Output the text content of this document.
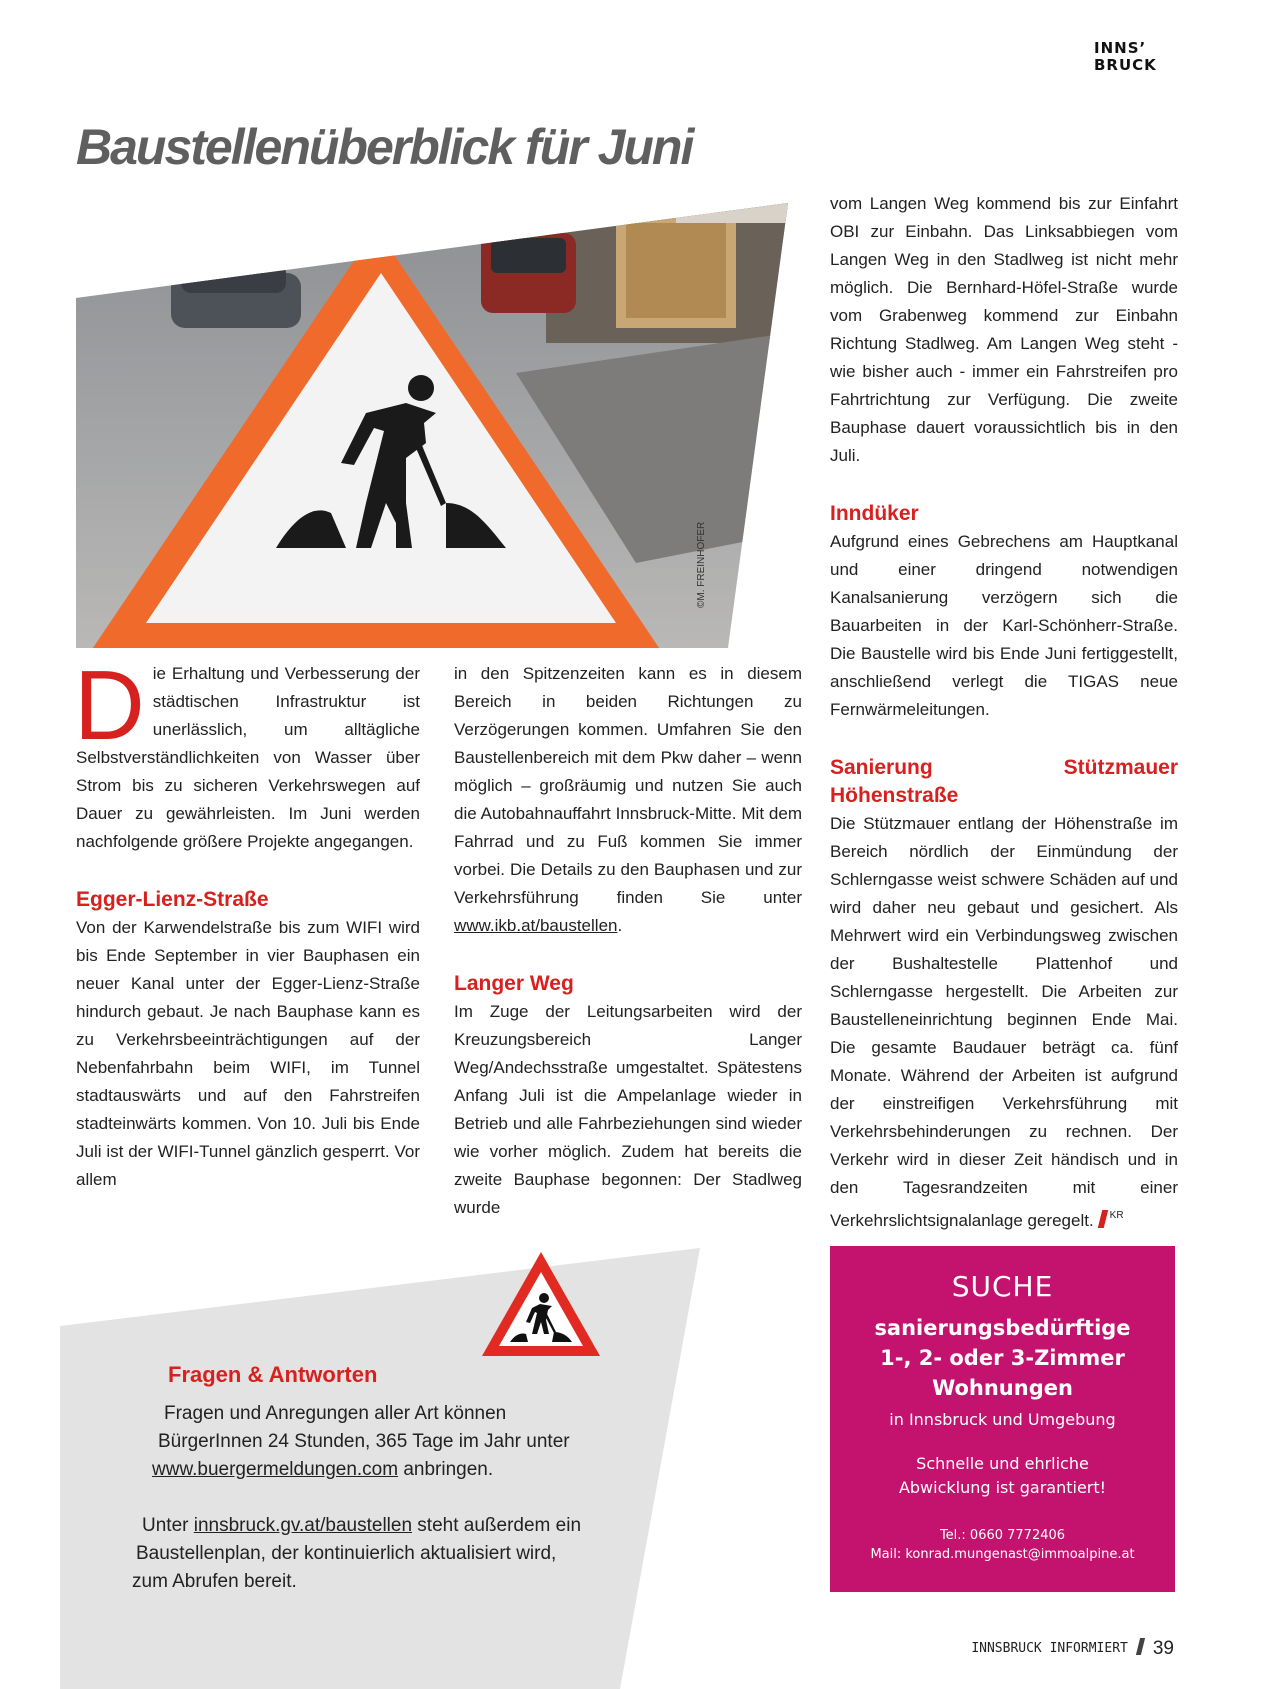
INNS’
BRUCK
Baustellenüberblick für Juni
©M. FREINHOFER

Die Erhaltung und Verbesserung der städtischen Infrastruktur ist unerlässlich, um alltägliche Selbstverständlichkeiten von Wasser über Strom bis zu sicheren Verkehrswegen auf Dauer zu gewährleisten. Im Juni werden nachfolgende größere Projekte angegangen.

Egger-Lienz-Straße

Von der Karwendelstraße bis zum WIFI wird bis Ende September in vier Bauphasen ein neuer Kanal unter der Egger-Lienz-Straße hindurch gebaut. Je nach Bauphase kann es zu Verkehrsbeeinträchtigungen auf der Nebenfahrbahn beim WIFI, im Tunnel stadtauswärts und auf den Fahrstreifen stadteinwärts kommen. Von 10. Juli bis Ende Juli ist der WIFI-Tunnel gänzlich gesperrt. Vor allem

in den Spitzenzeiten kann es in diesem Bereich in beiden Richtungen zu Verzögerungen kommen. Umfahren Sie den Baustellenbereich mit dem Pkw daher – wenn möglich – großräumig und nutzen Sie auch die Autobahnauffahrt Innsbruck-Mitte. Mit dem Fahrrad und zu Fuß kommen Sie immer vorbei. Die Details zu den Bauphasen und zur Verkehrsführung finden Sie unter www.ikb.at/baustellen.

Langer Weg

Im Zuge der Leitungsarbeiten wird der Kreuzungsbereich Langer Weg/Andechsstraße umgestaltet. Spätestens Anfang Juli ist die Ampelanlage wieder in Betrieb und alle Fahrbeziehungen sind wieder wie vorher möglich. Zudem hat bereits die zweite Bauphase begonnen: Der Stadlweg wurde

vom Langen Weg kommend bis zur Einfahrt OBI zur Einbahn. Das Linksabbiegen vom Langen Weg in den Stadlweg ist nicht mehr möglich. Die Bernhard-Höfel-Straße wurde vom Grabenweg kommend zur Einbahn Richtung Stadlweg. Am Langen Weg steht - wie bisher auch - immer ein Fahrstreifen pro Fahrtrichtung zur Verfügung. Die zweite Bauphase dauert voraussichtlich bis in den Juli.

Inndüker

Aufgrund eines Gebrechens am Hauptkanal und einer dringend notwendigen Kanalsanierung verzögern sich die Bauarbeiten in der Karl-Schönherr-Straße. Die Baustelle wird bis Ende Juni fertiggestellt, anschließend verlegt die TIGAS neue Fernwärmeleitungen.

Sanierung Stützmauer Höhenstraße

Die Stützmauer entlang der Höhenstraße im Bereich nördlich der Einmündung der Schlerngasse weist schwere Schäden auf und wird daher neu gebaut und gesichert. Als Mehrwert wird ein Verbindungsweg zwischen der Bushaltestelle Plattenhof und Schlerngasse hergestellt. Die Arbeiten zur Baustelleneinrichtung beginnen Ende Mai. Die gesamte Baudauer beträgt ca. fünf Monate. Während der Arbeiten ist aufgrund der einstreifigen Verkehrsführung mit Verkehrsbehinderungen zu rechnen. Der Verkehr wird in dieser Zeit händisch und in den Tagesrandzeiten mit einer Verkehrslichtsignalanlage geregelt. $^{KR}$

Fragen & Antworten
Fragen und Anregungen aller Art können
BürgerInnen 24 Stunden, 365 Tage im Jahr unter
www.buergermeldungen.com anbringen.
Unter innsbruck.gv.at/baustellen steht außerdem ein
Baustellenplan, der kontinuierlich aktualisiert wird,
zum Abrufen bereit.
SUCHE
sanierungsbedürftige
1-, 2- oder 3-Zimmer
Wohnungen
in Innsbruck und Umgebung
Schnelle und ehrliche
Abwicklung ist garantiert!
Tel.: 0660 7772406
Mail: konrad.mungenast@immoalpine.at
INNSBRUCK INFORMIERT 39
